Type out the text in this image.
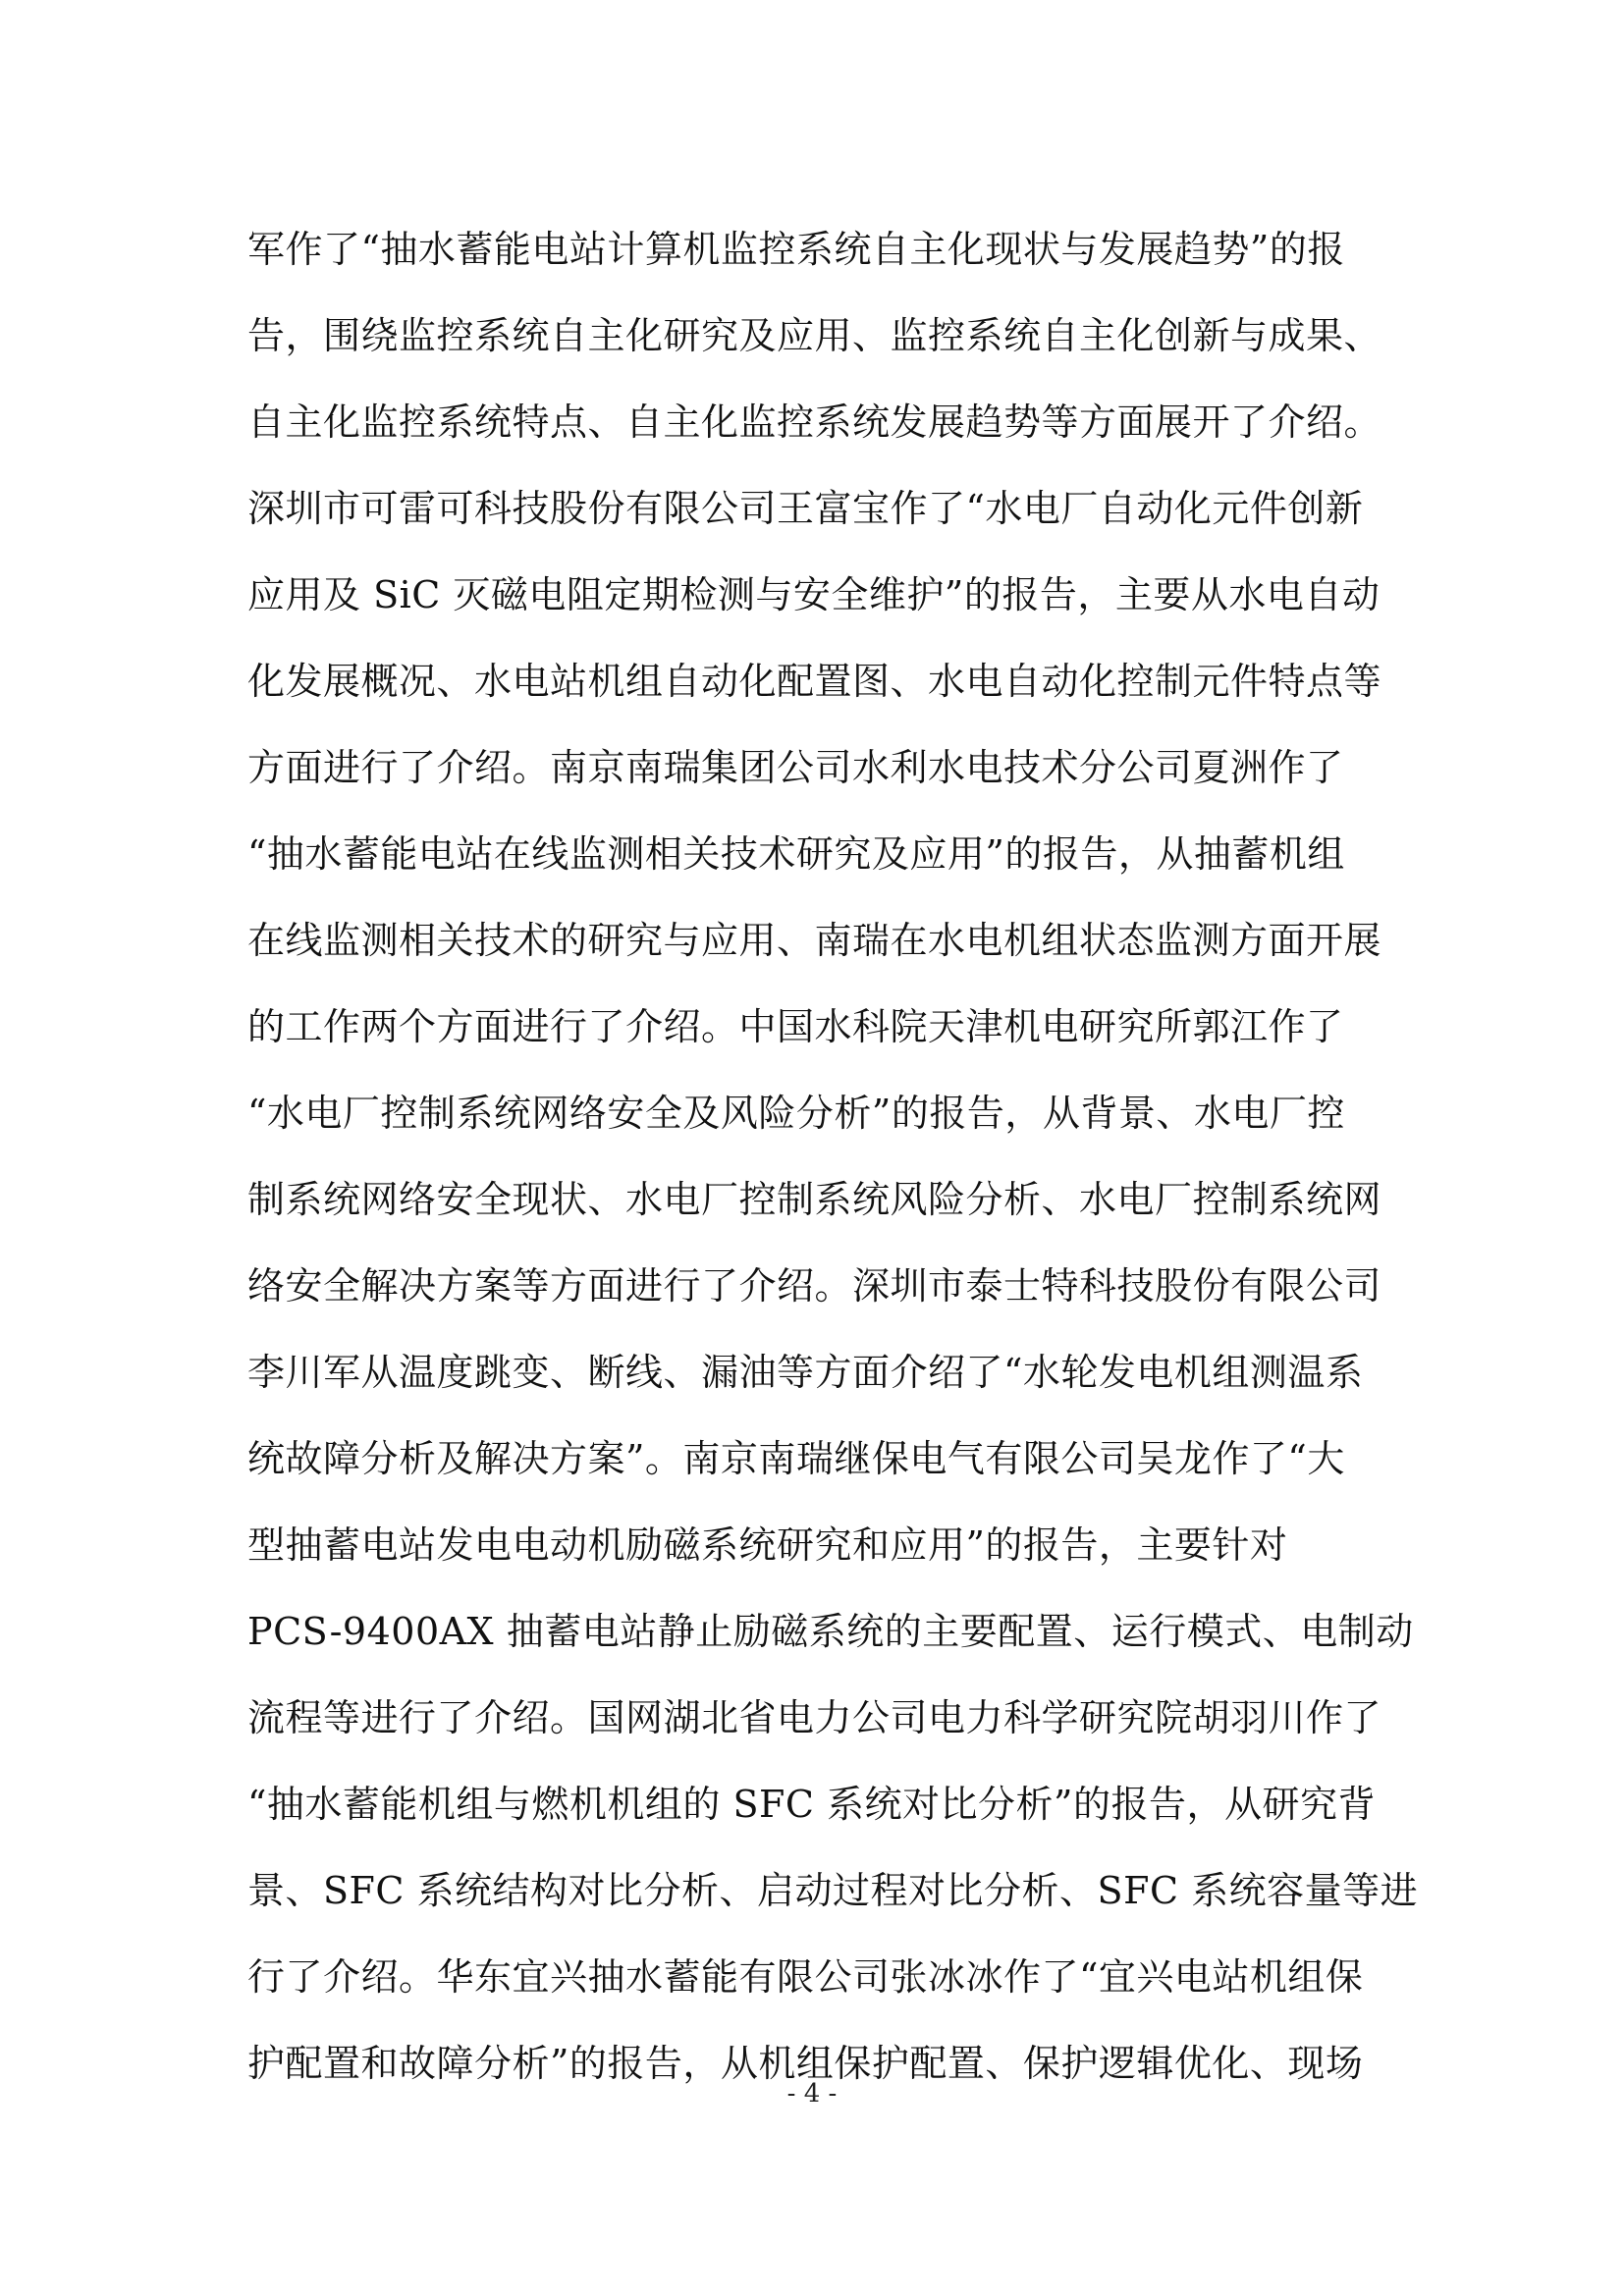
军作了“抽水蓄能电站计算机监控系统自主化现状与发展趋势”的报
告，围绕监控系统自主化研究及应用、监控系统自主化创新与成果、
自主化监控系统特点、自主化监控系统发展趋势等方面展开了介绍。
深圳市可雷可科技股份有限公司王富宝作了“水电厂自动化元件创新
应用及 SiC 灭磁电阻定期检测与安全维护”的报告，主要从水电自动
化发展概况、水电站机组自动化配置图、水电自动化控制元件特点等
方面进行了介绍。南京南瑞集团公司水利水电技术分公司夏洲作了
“抽水蓄能电站在线监测相关技术研究及应用”的报告，从抽蓄机组
在线监测相关技术的研究与应用、南瑞在水电机组状态监测方面开展
的工作两个方面进行了介绍。中国水科院天津机电研究所郭江作了
“水电厂控制系统网络安全及风险分析”的报告，从背景、水电厂控
制系统网络安全现状、水电厂控制系统风险分析、水电厂控制系统网
络安全解决方案等方面进行了介绍。深圳市泰士特科技股份有限公司
李川军从温度跳变、断线、漏油等方面介绍了“水轮发电机组测温系
统故障分析及解决方案”。南京南瑞继保电气有限公司吴龙作了“大
型抽蓄电站发电电动机励磁系统研究和应用”的报告，主要针对
PCS-9400AX 抽蓄电站静止励磁系统的主要配置、运行模式、电制动
流程等进行了介绍。国网湖北省电力公司电力科学研究院胡羽川作了
“抽水蓄能机组与燃机机组的 SFC 系统对比分析”的报告，从研究背
景、SFC 系统结构对比分析、启动过程对比分析、SFC 系统容量等进
行了介绍。华东宜兴抽水蓄能有限公司张冰冰作了“宜兴电站机组保
护配置和故障分析”的报告，从机组保护配置、保护逻辑优化、现场
- 4 -
